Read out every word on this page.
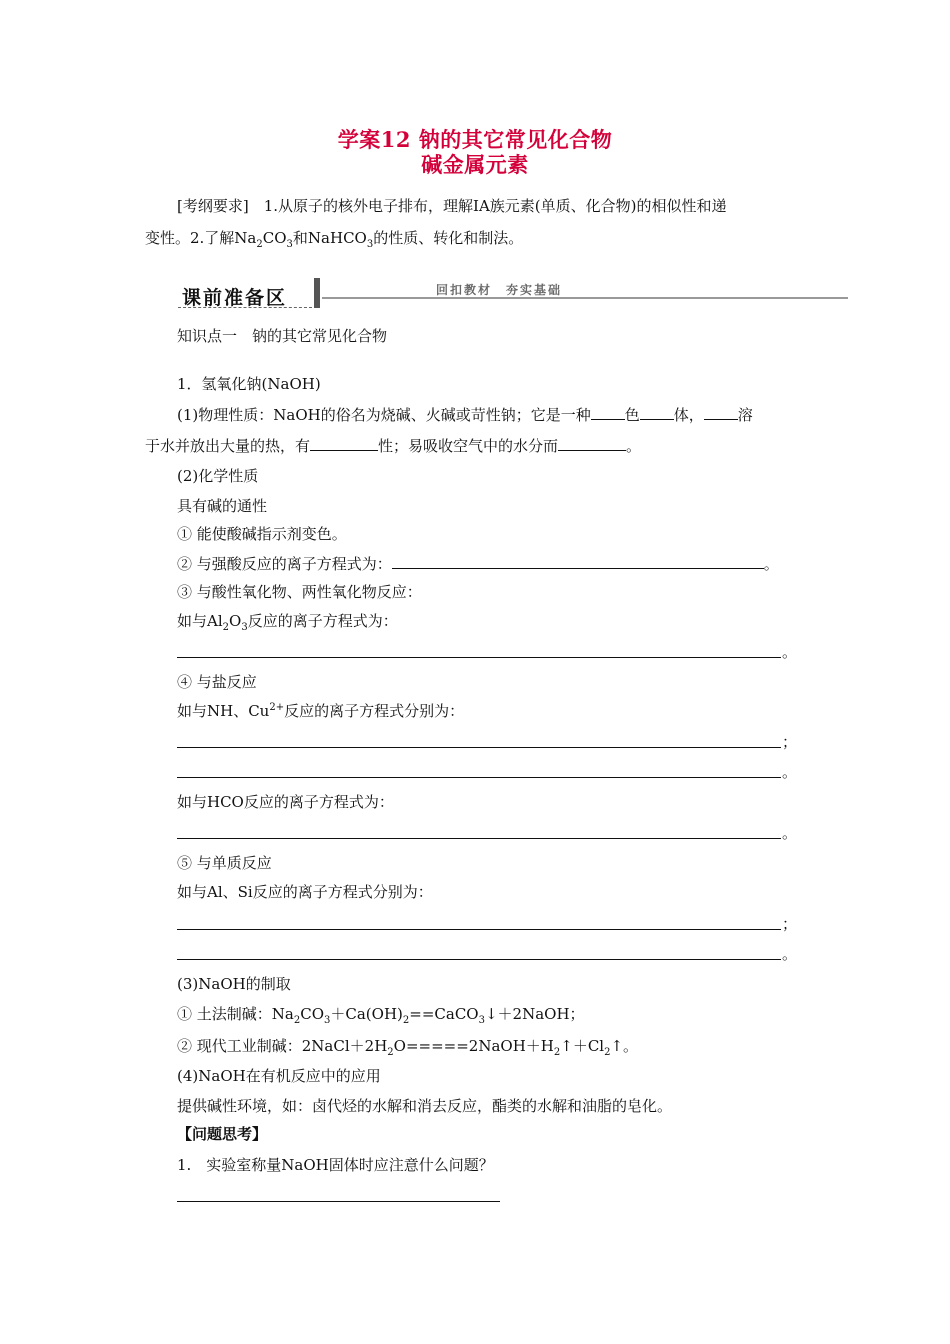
学案12 钠的其它常见化合物
碱金属元素
[考纲要求]　 1.从原子的核外电子排布，理解ⅠA族元素(单质、化合物)的相似性和递
变性。2.了解$Na_2CO_3$和NaHCO$_3$的性质、转化和制法。
课前准备区	回扣教材　夯实基础
知识点一　钠的其它常见化合物
1．氢氧化钠(NaOH)
(1)物理性质：NaOH的俗名为烧碱、火碱或苛性钠；它是一种 色 体， 溶
于水并放出大量的热，有	性；易吸收空气中的水分而	。
(2)化学性质
具有碱的通性
① 能使酸碱指示剂变色。
② 与强酸反应的离子方程式为：	。
③ 与酸性氧化物、两性氧化物反应：
如与$Al_2O_3$反应的离子方程式为：
。
④ 与盐反应
如与NH、$Cu^{2+}$反应的离子方程式分别为：
；
。
如与HCO反应的离子方程式为：
。
⑤ 与单质反应
如与Al、Si反应的离子方程式分别为：
；
。
(3)NaOH的制取
① 土法制碱：$Na_2CO_3+Ca(OH)_2==CaCO_3↓+2NaOH$；
② 现代工业制碱：$2NaCl+2H_2O=====2NaOH+H_2↑+Cl_2↑$。
(4)NaOH在有机反应中的应用
提供碱性环境，如：卤代烃的水解和消去反应，酯类的水解和油脂的皂化。
【问题思考】
1.　实验室称量NaOH固体时应注意什么问题？
